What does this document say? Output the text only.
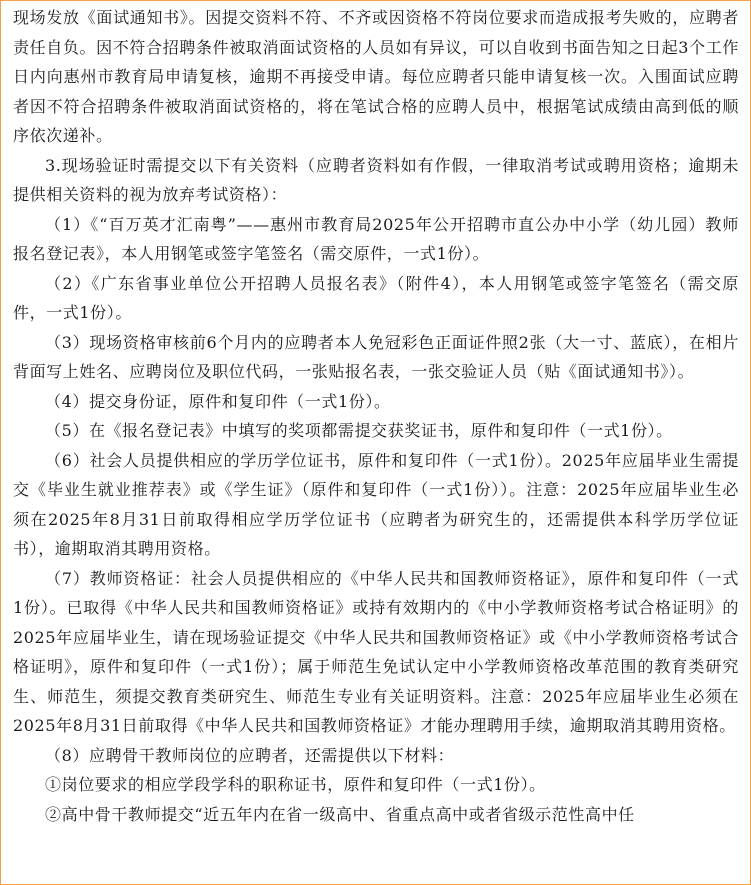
现场发放《面试通知书》。因提交资料不符、不齐或因资格不符岗位要求而造成报考失败的，应聘者责任自负。因不符合招聘条件被取消面试资格的人员如有异议，可以自收到书面告知之日起3个工作日内向惠州市教育局申请复核，逾期不再接受申请。每位应聘者只能申请复核一次。入围面试应聘者因不符合招聘条件被取消面试资格的，将在笔试合格的应聘人员中，根据笔试成绩由高到低的顺序依次递补。

3.现场验证时需提交以下有关资料（应聘者资料如有作假，一律取消考试或聘用资格；逾期未提供相关资料的视为放弃考试资格）：

（1）《“百万英才汇南粤”——惠州市教育局2025年公开招聘市直公办中小学（幼儿园）教师报名登记表》，本人用钢笔或签字笔签名（需交原件，一式1份）。

（2）《广东省事业单位公开招聘人员报名表》（附件4），本人用钢笔或签字笔签名（需交原件，一式1份）。

（3）现场资格审核前6个月内的应聘者本人免冠彩色正面证件照2张（大一寸、蓝底），在相片背面写上姓名、应聘岗位及职位代码，一张贴报名表，一张交验证人员（贴《面试通知书》）。

（4）提交身份证，原件和复印件（一式1份）。

（5）在《报名登记表》中填写的奖项都需提交获奖证书，原件和复印件（一式1份）。

（6）社会人员提供相应的学历学位证书，原件和复印件（一式1份）。2025年应届毕业生需提交《毕业生就业推荐表》或《学生证》（原件和复印件（一式1份））。注意：2025年应届毕业生必须在2025年8月31日前取得相应学历学位证书（应聘者为研究生的，还需提供本科学历学位证书），逾期取消其聘用资格。

（7）教师资格证：社会人员提供相应的《中华人民共和国教师资格证》，原件和复印件（一式1份）。已取得《中华人民共和国教师资格证》或持有效期内的《中小学教师资格考试合格证明》的2025年应届毕业生，请在现场验证提交《中华人民共和国教师资格证》或《中小学教师资格考试合格证明》，原件和复印件（一式1份）；属于师范生免试认定中小学教师资格改革范围的教育类研究生、师范生，须提交教育类研究生、师范生专业有关证明资料。注意：2025年应届毕业生必须在2025年8月31日前取得《中华人民共和国教师资格证》才能办理聘用手续，逾期取消其聘用资格。

（8）应聘骨干教师岗位的应聘者，还需提供以下材料：

①岗位要求的相应学段学科的职称证书，原件和复印件（一式1份）。

②高中骨干教师提交“近五年内在省一级高中、省重点高中或者省级示范性高中任
